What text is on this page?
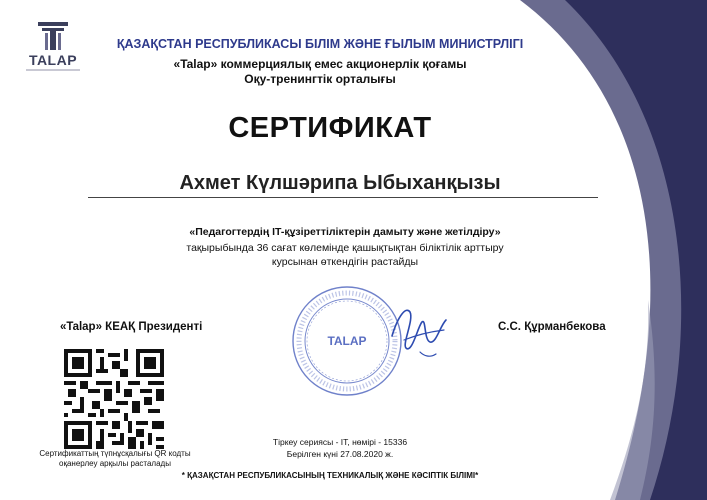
TALAP
ҚАЗАҚСТАН РЕСПУБЛИКАСЫ БІЛІМ ЖӘНЕ ҒЫЛЫМ МИНИСТРЛІГІ
«Talap» коммерциялық емес акционерлік қоғамы
Оқу-тренингтік орталығы
СЕРТИФИКАТ
Ахмет Күлшәрипа Ыбыханқызы
«Педагогтердің IT-құзіреттіліктерін дамыту және жетілдіру»
тақырыбында 36 сағат көлемінде қашықтықтан біліктілік арттыру
курсынан өткендігін растайды
«Talap» КЕАҚ Президенті	С.С. Құрманбекова
TALAP
Сертификаттың түпнұсқалығы QR кодты
оқанерлеу арқылы расталады
Тіркеу сериясы - IT, нөмірі - 15336
Берілген күні 27.08.2020 ж.
* ҚАЗАҚСТАН РЕСПУБЛИКАСЫНЫҢ ТЕХНИКАЛЫҚ ЖӘНЕ КӘСІПТІК БІЛІМІ*
